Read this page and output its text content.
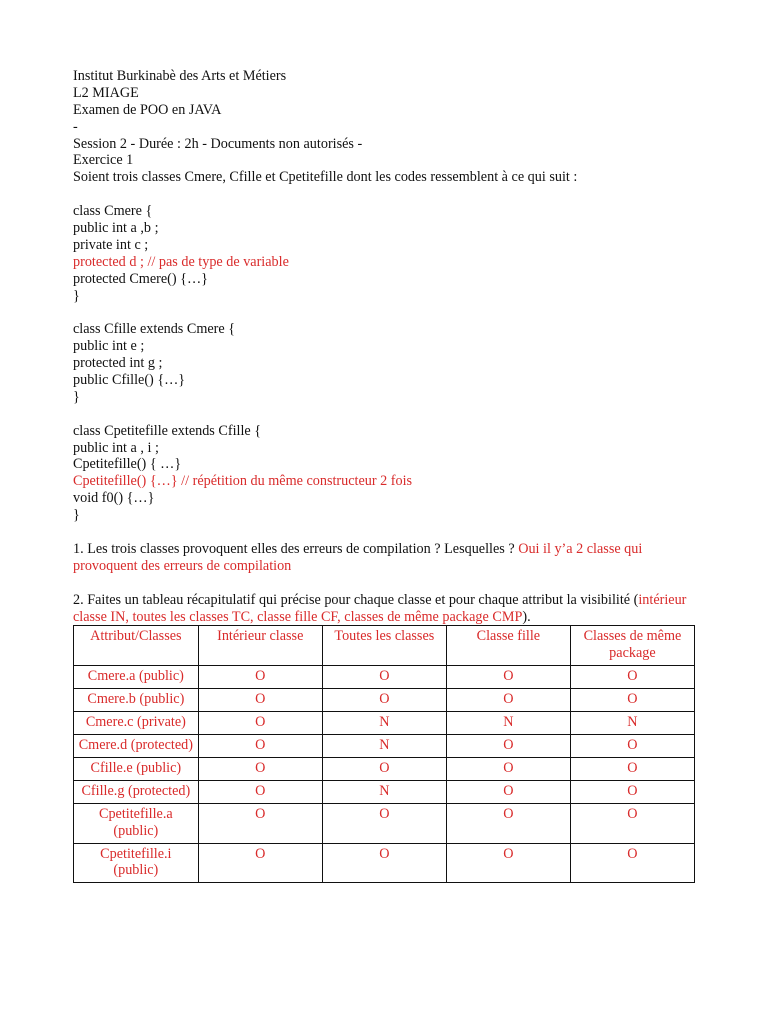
Institut Burkinabè des Arts et Métiers
L2 MIAGE
Examen de POO en JAVA
-
Session 2 - Durée : 2h - Documents non autorisés -
Exercice 1
Soient trois classes Cmere, Cfille et Cpetitefille dont les codes ressemblent à ce qui suit :
class Cmere {
public int a ,b ;
private int c ;
protected d ; // pas de type de variable
protected Cmere() {…}
}
class Cfille extends Cmere {
public int e ;
protected int g ;
public Cfille() {…}
}
class Cpetitefille extends Cfille {
public int a , i ;
Cpetitefille() { …}
Cpetitefille() {…} // répétition du même constructeur 2 fois
void f0() {…}
}
1. Les trois classes provoquent elles des erreurs de compilation ? Lesquelles ? Oui il y’a 2 classe qui provoquent des erreurs de compilation
2. Faites un tableau récapitulatif qui précise pour chaque classe et pour chaque attribut la visibilité (intérieur classe IN, toutes les classes TC, classe fille CF, classes de même package CMP).
Attribut/Classes	Intérieur classe	Toutes les classes	Classe fille	Classes de même package
Cmere.a (public)	O	O	O	O
Cmere.b (public)	O	O	O	O
Cmere.c (private)	O	N	N	N
Cmere.d (protected)	O	N	O	O
Cfille.e (public)	O	O	O	O
Cfille.g (protected)	O	N	O	O
Cpetitefille.a (public)	O	O	O	O
Cpetitefille.i (public)	O	O	O	O
